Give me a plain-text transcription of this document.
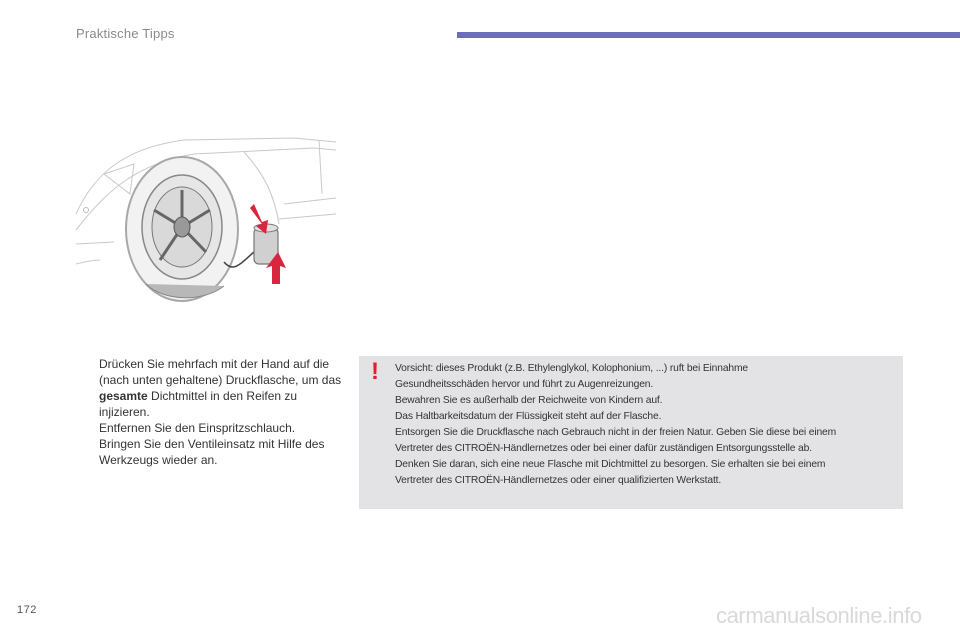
Praktische Tipps
Drücken Sie mehrfach mit der Hand auf die (nach unten gehaltene) Druckflasche, um das gesamte Dichtmittel in den Reifen zu injizieren.
Entfernen Sie den Einspritzschlauch.
Bringen Sie den Ventileinsatz mit Hilfe des Werkzeugs wieder an.
! Vorsicht: dieses Produkt (z.B. Ethylenglykol, Kolophonium, ...) ruft bei Einnahme
Gesundheitsschäden hervor und führt zu Augenreizungen.
Bewahren Sie es außerhalb der Reichweite von Kindern auf.
Das Haltbarkeitsdatum der Flüssigkeit steht auf der Flasche.
Entsorgen Sie die Druckflasche nach Gebrauch nicht in der freien Natur. Geben Sie diese bei einem
Vertreter des CITROËN-Händlernetzes oder bei einer dafür zuständigen Entsorgungsstelle ab.
Denken Sie daran, sich eine neue Flasche mit Dichtmittel zu besorgen. Sie erhalten sie bei einem
Vertreter des CITROËN-Händlernetzes oder einer qualifizierten Werkstatt.
172	carmanualsonline.info
